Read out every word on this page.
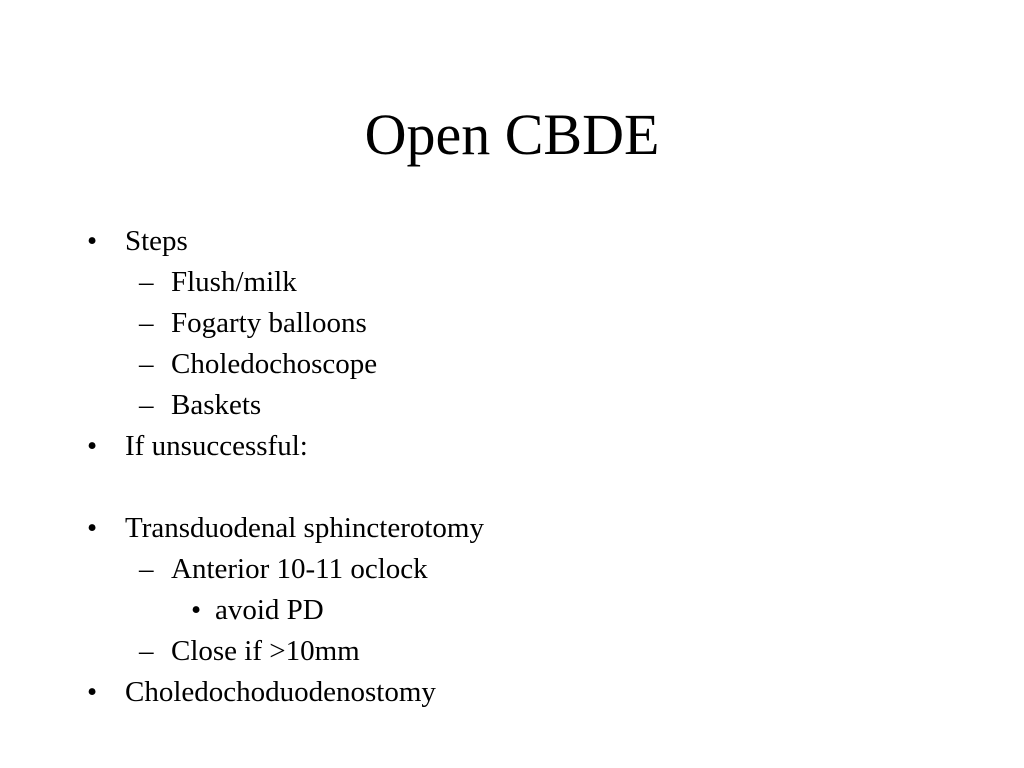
Open CBDE
• Steps
– Flush/milk
– Fogarty balloons
– Choledochoscope
– Baskets
• If unsuccessful:
• Transduodenal sphincterotomy
– Anterior 10-11 oclock
• avoid PD
– Close if >10mm
• Choledochoduodenostomy
